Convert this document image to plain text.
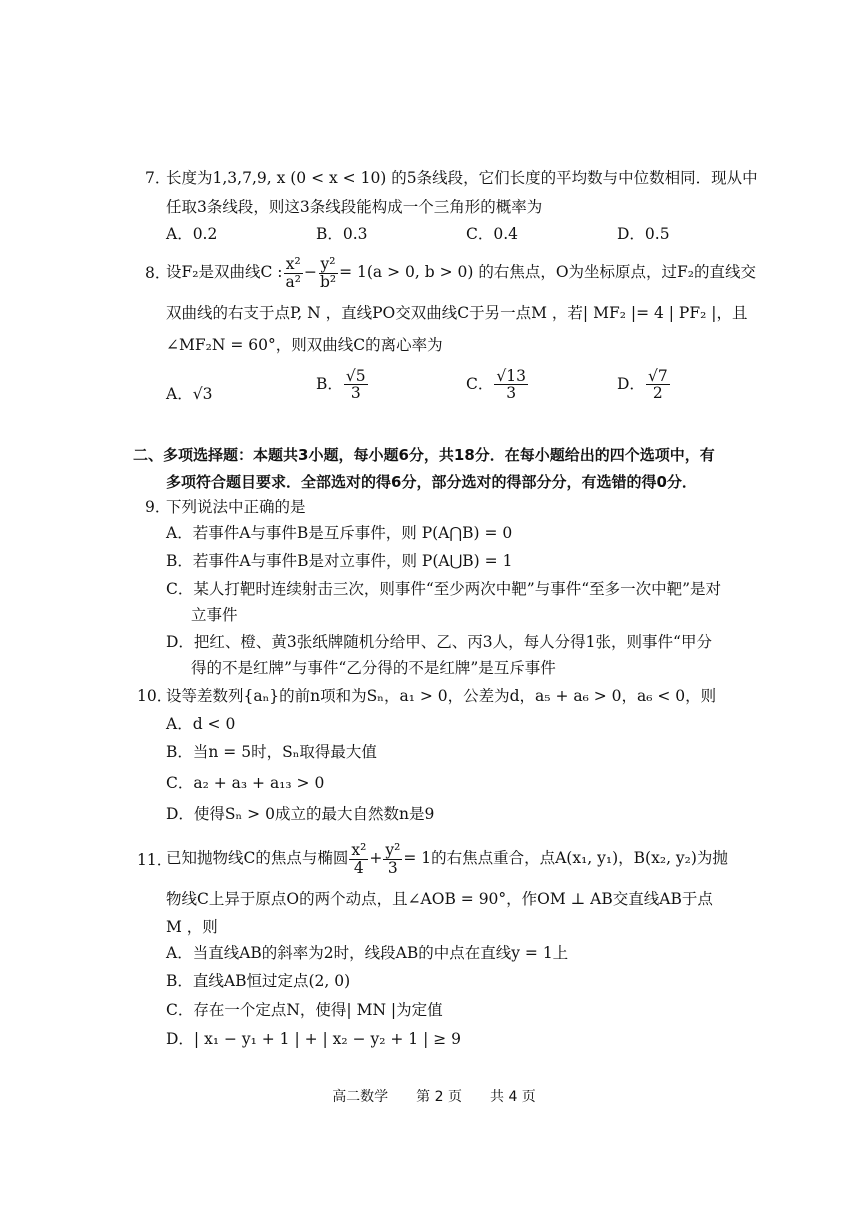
7．
长度为1,3,7,9, x (0 < x < 10) 的5条线段，它们长度的平均数与中位数相同．现从中
任取3条线段，则这3条线段能构成一个三角形的概率为
A．0.2	B．0.3	C．0.4	D．0.5
8．
设F₂是双曲线C : $\frac{\text{x²}}{\text{a²}} - \frac{\text{y²}}{\text{b²}} = 1(a > 0$, b > 0) 的右焦点，O为坐标原点，过F₂的直线交
双曲线的右支于点P, N ，直线PO交双曲线C于另一点M ，若| MF₂ |= 4 | PF₂ |，且
∠MF₂N = 60°，则双曲线C的离心率为
A．√3
B． $\frac{√5}{3}$	C． $\frac{√13}{3}$	D． $\frac{√7}{2}$
二、多项选择题：本题共3小题，每小题6分，共18分．在每小题给出的四个选项中，有
多项符合题目要求．全部选对的得6分，部分选对的得部分分，有选错的得0分．
9．
下列说法中正确的是
A．若事件A与事件B是互斥事件，则 P(A⋂B) = 0
B．若事件A与事件B是对立事件，则 P(A⋃B) = 1
C．某人打靶时连续射击三次，则事件“至少两次中靶”与事件“至多一次中靶”是对
立事件
D．把红、橙、黄3张纸牌随机分给甲、乙、丙3人，每人分得1张，则事件“甲分
得的不是红牌”与事件“乙分得的不是红牌”是互斥事件
10．
设等差数列{aₙ}的前n项和为Sₙ，a₁ > 0，公差为d，a₅ + a₆ > 0，a₆ < 0，则
A．d < 0
B．当n = 5时，Sₙ取得最大值
C．a₂ + a₃ + a₁₃ > 0
D．使得Sₙ > 0成立的最大自然数n是9
11．
已知抛物线C的焦点与椭圆 $\frac{\text{x²}}{4} + \frac{\text{y²}}{3} = 1$的右焦点重合，点A(x₁, y₁)，B(x₂, y₂)为抛
物线C上异于原点O的两个动点，且∠AOB = 90°，作OM ⊥ AB交直线AB于点
M ，则
A．当直线AB的斜率为2时，线段AB的中点在直线y = 1上
B．直线AB恒过定点(2, 0)
C．存在一个定点N，使得| MN |为定值
D．| x₁ − y₁ + 1 | + | x₂ − y₂ + 1 | ≥ 9
高二数学　　第 2 页　　共 4 页
